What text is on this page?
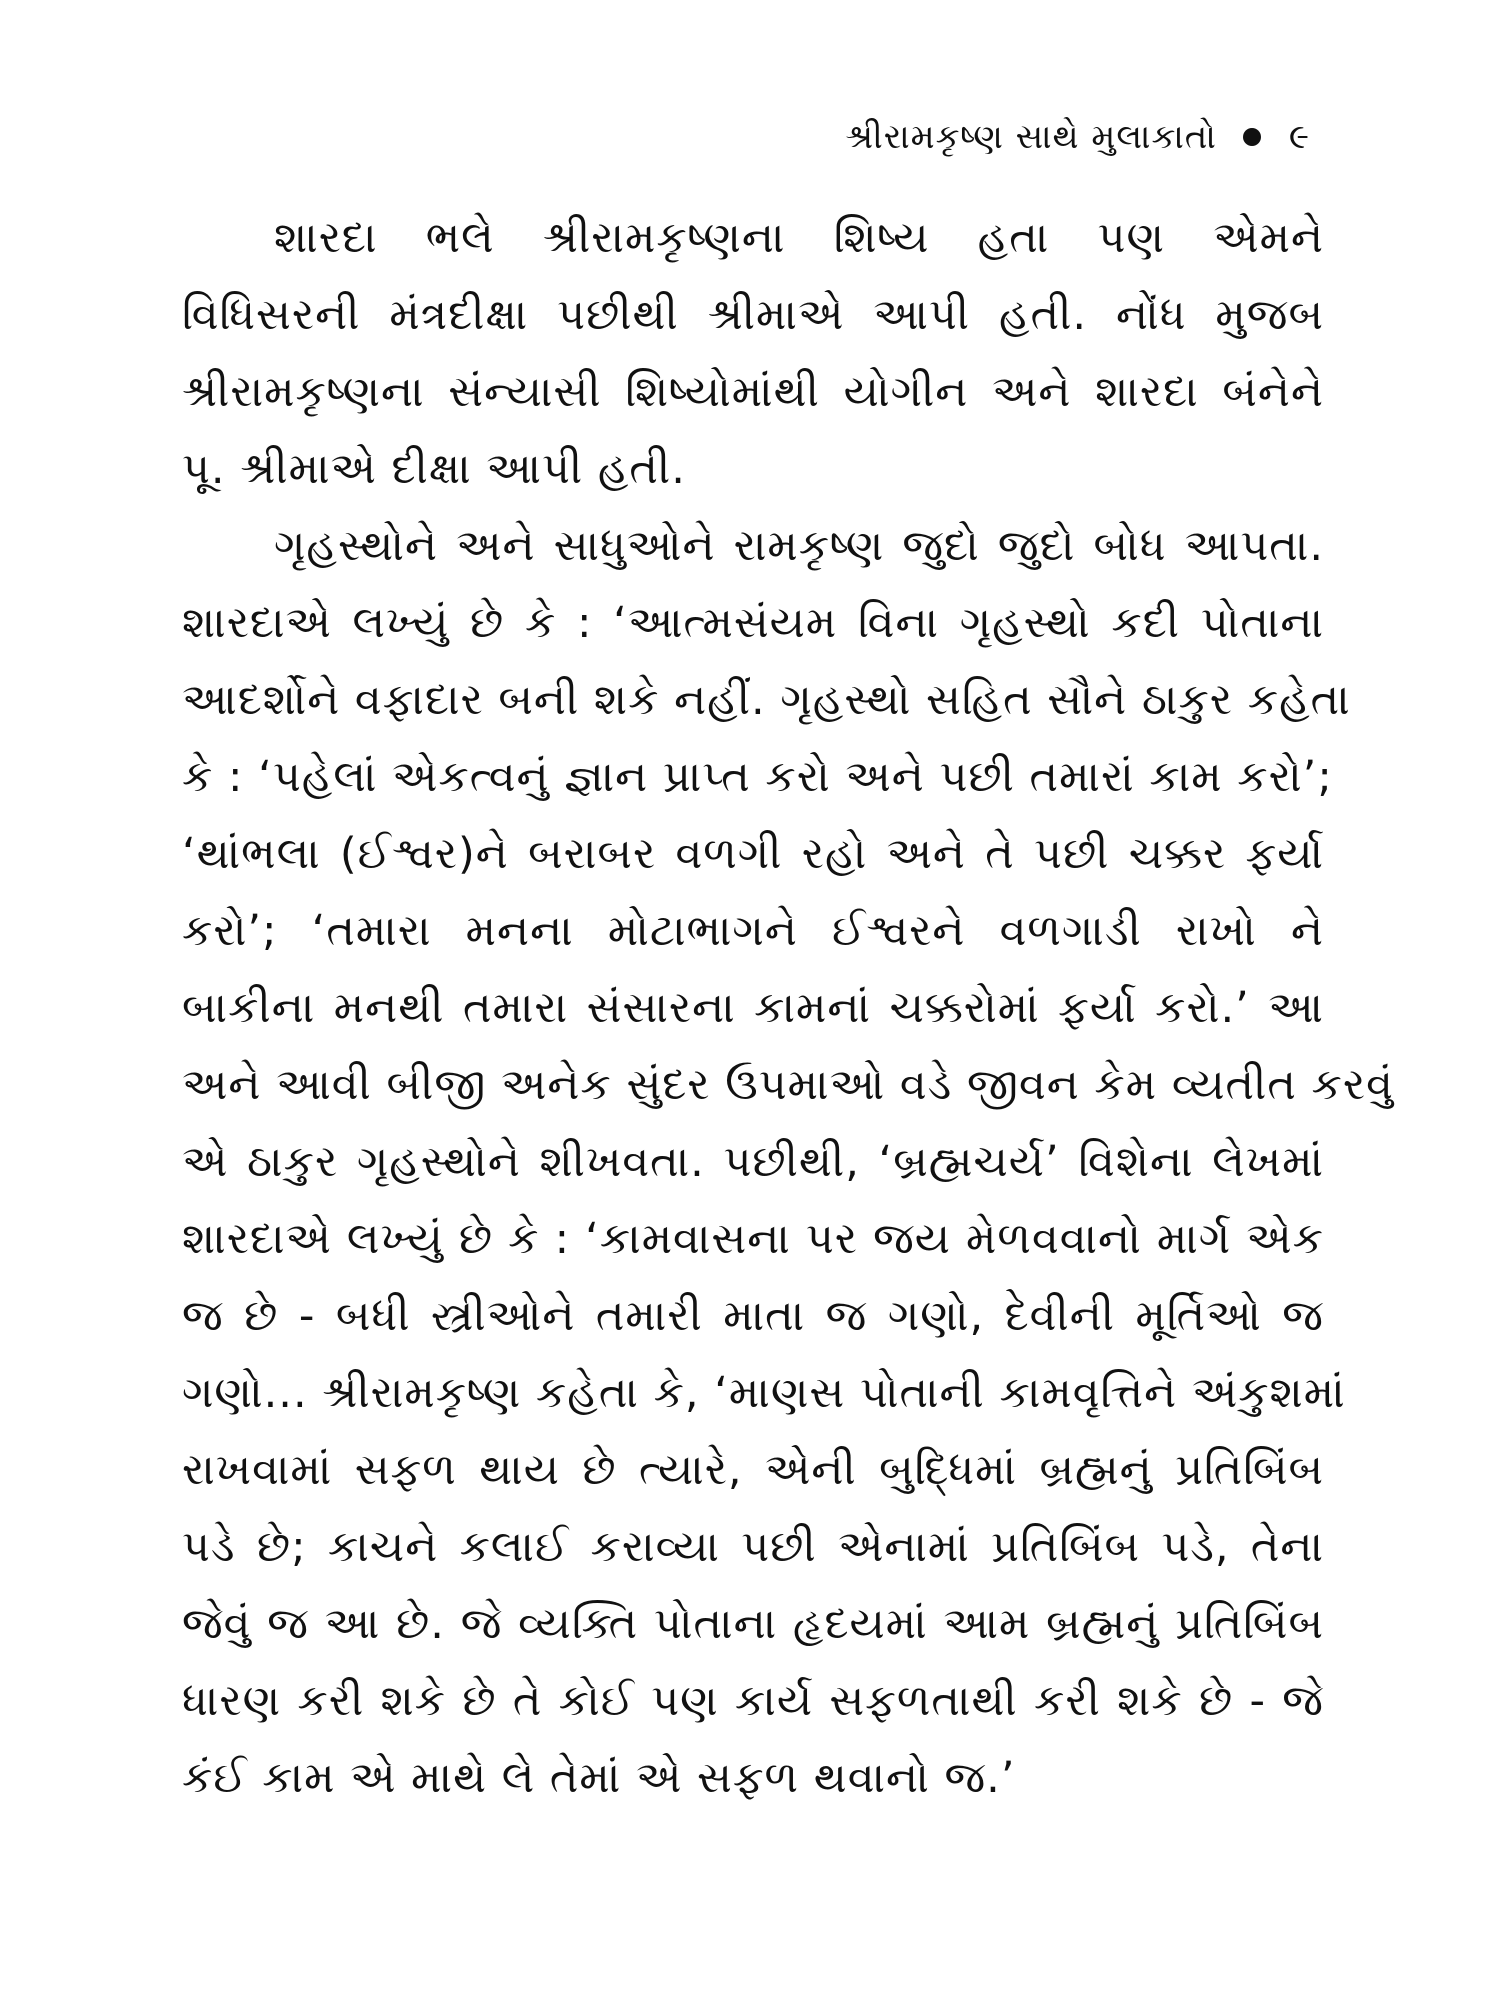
શ્રીરામકૃષ્ણ સાથે મુલાકાતો ૯
શારદા ભલે શ્રીરામકૃષ્ણના શિષ્ય હતા પણ એમને
વિધિસરની મંત્રદીક્ષા પછીથી શ્રીમાએ આપી હતી. નોંધ મુજબ
શ્રીરામકૃષ્ણના સંન્યાસી શિષ્યોમાંથી યોગીન અને શારદા બંનેને
પૂ. શ્રીમાએ દીક્ષા આપી હતી.
ગૃહસ્થોને અને સાધુઓને રામકૃષ્ણ જુદો જુદો બોધ આપતા.
શારદાએ લખ્યું છે કે : ‘આત્મસંયમ વિના ગૃહસ્થો કદી પોતાના
આદર્શોને વફાદાર બની શકે નહીં. ગૃહસ્થો સહિત સૌને ઠાકુર કહેતા
કે : ‘પહેલાં એકત્વનું જ્ઞાન પ્રાપ્ત કરો અને પછી તમારાં કામ કરો’;
‘થાંભલા (ઈશ્વર)ને બરાબર વળગી રહો અને તે પછી ચક્કર ફર્યા
કરો’; ‘તમારા મનના મોટાભાગને ઈશ્વરને વળગાડી રાખો ને
બાકીના મનથી તમારા સંસારના કામનાં ચક્કરોમાં ફર્યા કરો.’ આ
અને આવી બીજી અનેક સુંદર ઉપમાઓ વડે જીવન કેમ વ્યતીત કરવું
એ ઠાકુર ગૃહસ્થોને શીખવતા. પછીથી, ‘બ્રહ્મચર્ય’ વિશેના લેખમાં
શારદાએ લખ્યું છે કે : ‘કામવાસના પર જય મેળવવાનો માર્ગ એક
જ છે - બધી સ્ત્રીઓને તમારી માતા જ ગણો, દેવીની મૂર્તિઓ જ
ગણો... શ્રીરામકૃષ્ણ કહેતા કે, ‘માણસ પોતાની કામવૃત્તિને અંકુશમાં
રાખવામાં સફળ થાય છે ત્યારે, એની બુદ્ધિમાં બ્રહ્મનું પ્રતિબિંબ
પડે છે; કાચને કલાઈ કરાવ્યા પછી એનામાં પ્રતિબિંબ પડે, તેના
જેવું જ આ છે. જે વ્યક્તિ પોતાના હૃદયમાં આમ બ્રહ્મનું પ્રતિબિંબ
ધારણ કરી શકે છે તે કોઈ પણ કાર્ય સફળતાથી કરી શકે છે - જે
કંઈ કામ એ માથે લે તેમાં એ સફળ થવાનો જ.’
